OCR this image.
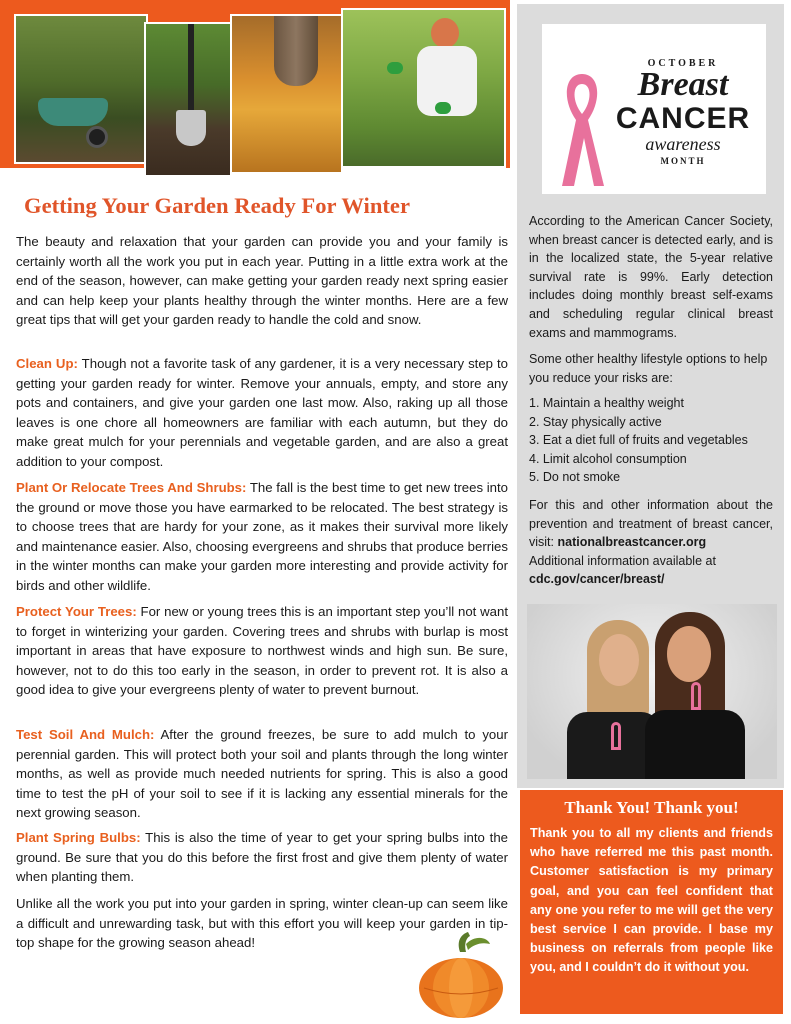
Getting Your Garden Ready For Winter

The beauty and relaxation that your garden can provide you and your family is certainly worth all the work you put in each year. Putting in a little extra work at the end of the season, however, can make getting your garden ready next spring easier and can help keep your plants healthy through the winter months. Here are a few great tips that will get your garden ready to handle the cold and snow.

Clean Up: Though not a favorite task of any gardener, it is a very necessary step to getting your garden ready for winter. Remove your annuals, empty, and store any pots and containers, and give your garden one last mow. Also, raking up all those leaves is one chore all homeowners are familiar with each autumn, but they do make great mulch for your perennials and vegetable garden, and are also a great addition to your compost.

Plant Or Relocate Trees And Shrubs: The fall is the best time to get new trees into the ground or move those you have earmarked to be relocated. The best strategy is to choose trees that are hardy for your zone, as it makes their survival more likely and maintenance easier. Also, choosing evergreens and shrubs that produce berries in the winter months can make your garden more interesting and provide activity for birds and other wildlife.

Protect Your Trees: For new or young trees this is an important step you’ll not want to forget in winterizing your garden. Covering trees and shrubs with burlap is most important in areas that have exposure to northwest winds and high sun. Be sure, however, not to do this too early in the season, in order to prevent rot. It is also a good idea to give your evergreens plenty of water to prevent burnout.

Test Soil And Mulch: After the ground freezes, be sure to add mulch to your perennial garden. This will protect both your soil and plants through the long winter months, as well as provide much needed nutrients for spring. This is also a good time to test the pH of your soil to see if it is lacking any essential minerals for the next growing season.

Plant Spring Bulbs: This is also the time of year to get your spring bulbs into the ground. Be sure that you do this before the first frost and give them plenty of water when planting them.

Unlike all the work you put into your garden in spring, winter clean-up can seem like a difficult and unrewarding task, but with this effort you will keep your garden in tip-top shape for the growing season ahead!

OCTOBER
Breast
CANCER
awareness
MONTH

According to the American Cancer Society, when breast cancer is detected early, and is in the localized state, the 5-year relative survival rate is 99%. Early detection includes doing monthly breast self-exams and scheduling regular clinical breast exams and mammograms.

Some other healthy lifestyle options to help you reduce your risks are:

1. Maintain a healthy weight
2. Stay physically active
3. Eat a diet full of fruits and vegetables
4. Limit alcohol consumption
5. Do not smoke

For this and other information about the prevention and treatment of breast cancer, visit: nationalbreastcancer.org

Additional information available at

cdc.gov/cancer/breast/

Thank You! Thank you!

Thank you to all my clients and friends who have referred me this past month. Customer satisfaction is my primary goal, and you can feel confident that any one you refer to me will get the very best service I can provide. I base my business on referrals from people like you, and I couldn’t do it without you.
